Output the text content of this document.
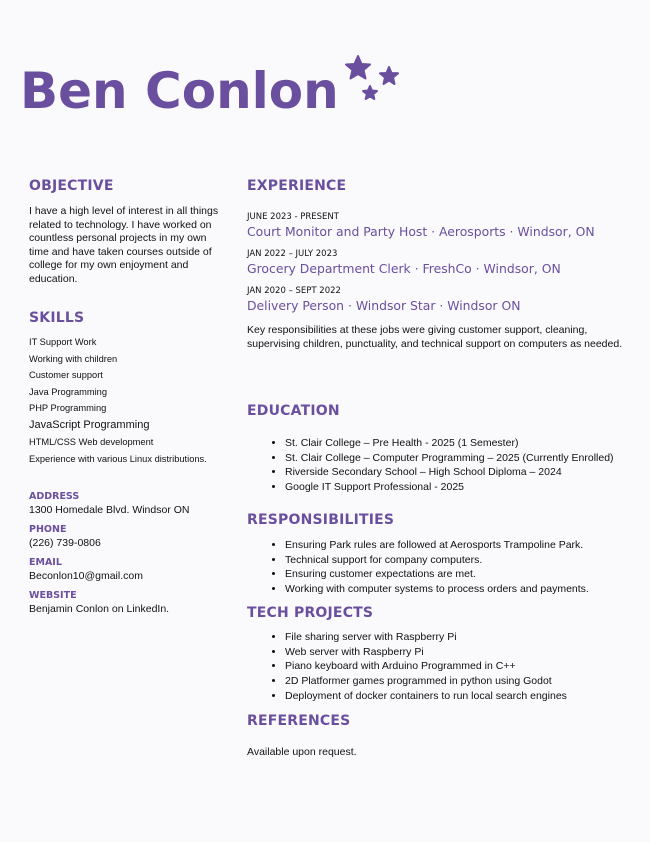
Ben Conlon
OBJECTIVE

I have a high level of interest in all things related to technology. I have worked on countless personal projects in my own time and have taken courses outside of college for my own enjoyment and education.

SKILLS
IT Support Work
Working with children
Customer support
Java Programming
PHP Programming
JavaScript Programming
HTML/CSS Web development
Experience with various Linux distributions.
ADDRESS
1300 Homedale Blvd. Windsor ON
PHONE
(226) 739-0806
EMAIL
Beconlon10@gmail.com
WEBSITE
Benjamin Conlon on LinkedIn.
EXPERIENCE
JUNE 2023 - PRESENT
Court Monitor and Party Host · Aerosports · Windsor, ON
JAN 2022 – JULY 2023
Grocery Department Clerk · FreshCo · Windsor, ON
JAN 2020 – SEPT 2022
Delivery Person · Windsor Star · Windsor ON

Key responsibilities at these jobs were giving customer support, cleaning, supervising children, punctuality, and technical support on computers as needed.

EDUCATION
• St. Clair College – Pre Health - 2025 (1 Semester)
• St. Clair College – Computer Programming – 2025 (Currently Enrolled)
• Riverside Secondary School – High School Diploma – 2024
• Google IT Support Professional - 2025
RESPONSIBILITIES
• Ensuring Park rules are followed at Aerosports Trampoline Park.
• Technical support for company computers.
• Ensuring customer expectations are met.
• Working with computer systems to process orders and payments.
TECH PROJECTS
• File sharing server with Raspberry Pi
• Web server with Raspberry Pi
• Piano keyboard with Arduino Programmed in C++
• 2D Platformer games programmed in python using Godot
• Deployment of docker containers to run local search engines
REFERENCES

Available upon request.
